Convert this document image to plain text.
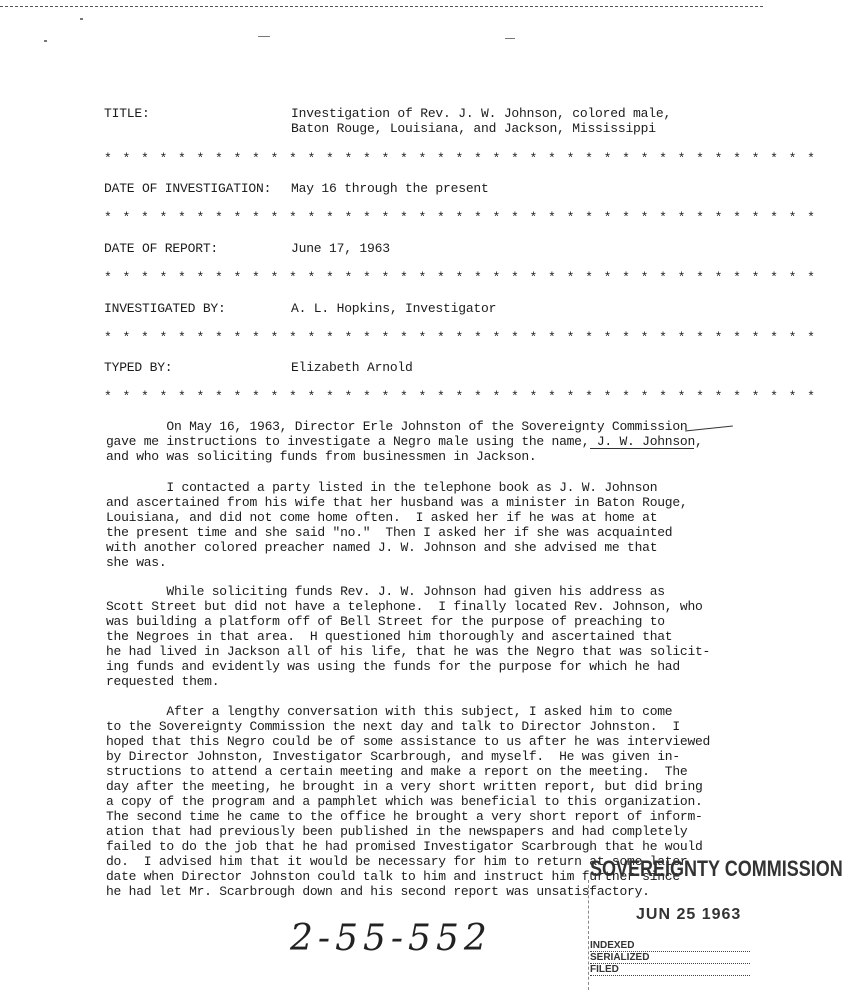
TITLE:	Investigation of Rev. J. W. Johnson, colored male,
Baton Rouge, Louisiana, and Jackson, Mississippi
* * * * * * * * * * * * * * * * * * * * * * * * * * * * * * * * * * * * * * *
DATE OF INVESTIGATION: May 16 through the present
* * * * * * * * * * * * * * * * * * * * * * * * * * * * * * * * * * * * * * *
DATE OF REPORT:	June 17, 1963
* * * * * * * * * * * * * * * * * * * * * * * * * * * * * * * * * * * * * * *
INVESTIGATED BY:	A. L. Hopkins, Investigator
* * * * * * * * * * * * * * * * * * * * * * * * * * * * * * * * * * * * * * *
TYPED BY:	Elizabeth Arnold
* * * * * * * * * * * * * * * * * * * * * * * * * * * * * * * * * * * * * * *
On May 16, 1963, Director Erle Johnston of the Sovereignty Commission
gave me instructions to investigate a Negro male using the name, J. W. Johnson,
and who was soliciting funds from businessmen in Jackson.
I contacted a party listed in the telephone book as J. W. Johnson
and ascertained from his wife that her husband was a minister in Baton Rouge,
Louisiana, and did not come home often.  I asked her if he was at home at
the present time and she said "no."  Then I asked her if she was acquainted
with another colored preacher named J. W. Johnson and she advised me that
she was.
While soliciting funds Rev. J. W. Johnson had given his address as
Scott Street but did not have a telephone.  I finally located Rev. Johnson, who
was building a platform off of Bell Street for the purpose of preaching to
the Negroes in that area.  H questioned him thoroughly and ascertained that
he had lived in Jackson all of his life, that he was the Negro that was solicit-
ing funds and evidently was using the funds for the purpose for which he had
requested them.
After a lengthy conversation with this subject, I asked him to come
to the Sovereignty Commission the next day and talk to Director Johnston.  I
hoped that this Negro could be of some assistance to us after he was interviewed
by Director Johnston, Investigator Scarbrough, and myself.  He was given in-
structions to attend a certain meeting and make a report on the meeting.  The
day after the meeting, he brought in a very short written report, but did bring
a copy of the program and a pamphlet which was beneficial to this organization.
The second time he came to the office he brought a very short report of inform-
ation that had previously been published in the newspapers and had completely
failed to do the job that he had promised Investigator Scarbrough that he would
do.  I advised him that it would be necessary for him to return at some later
date when Director Johnston could talk to him and instruct him further since
he had let Mr. Scarbrough down and his second report was unsatisfactory.
SOVEREIGNTY COMMISSION
JUN 25 1963
2-55-552	INDEXED
SERIALIZED
FILED
